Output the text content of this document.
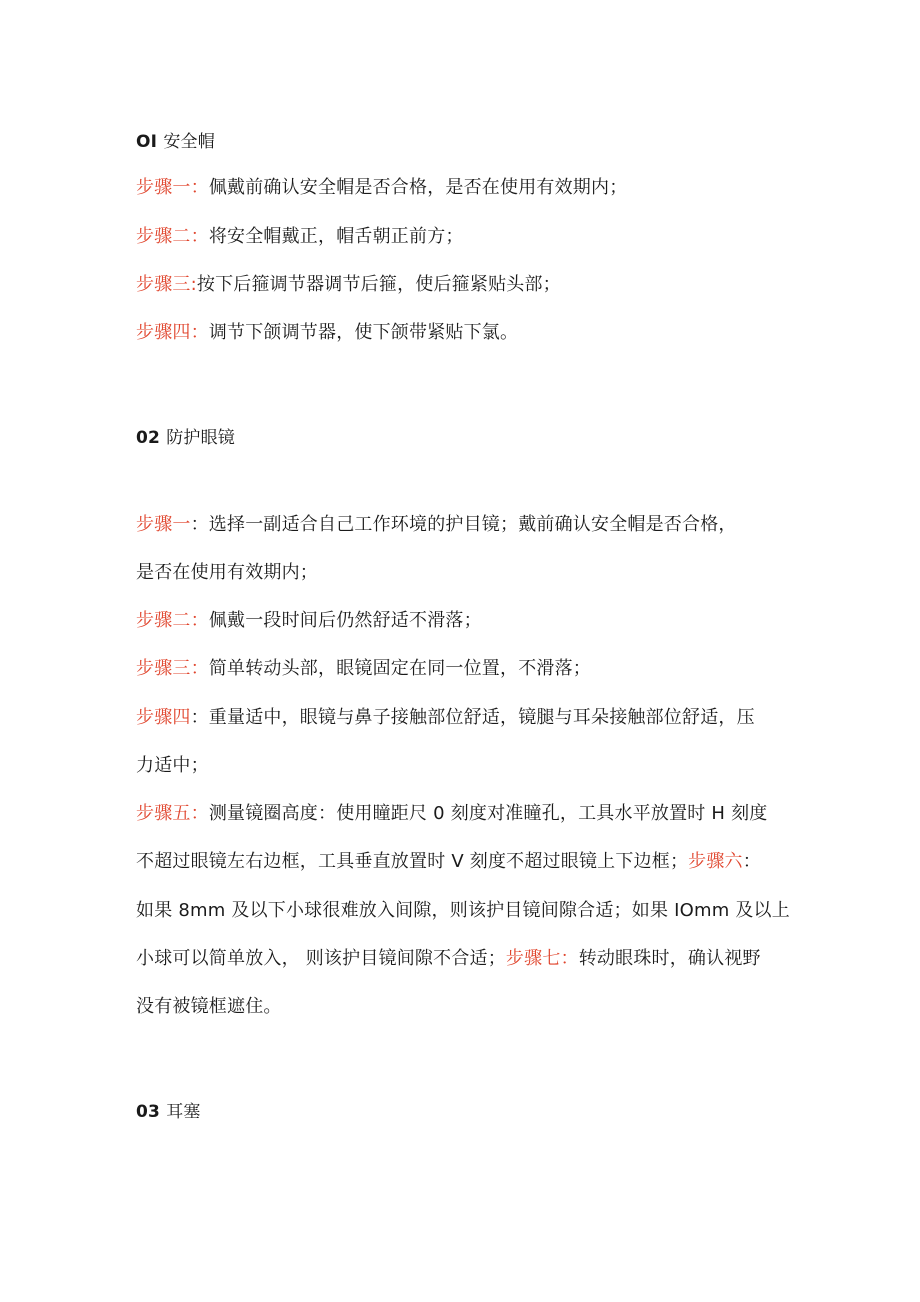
OI 安全帽
步骤一：佩戴前确认安全帽是否合格，是否在使用有效期内；
步骤二：将安全帽戴正，帽舌朝正前方；
步骤三:按下后箍调节器调节后箍，使后箍紧贴头部；
步骤四：调节下颌调节器，使下颌带紧贴下氯。
02 防护眼镜
步骤一：选择一副适合自己工作环境的护目镜；戴前确认安全帽是否合格，
是否在使用有效期内；
步骤二：佩戴一段时间后仍然舒适不滑落；
步骤三：简单转动头部，眼镜固定在同一位置，不滑落；
步骤四：重量适中，眼镜与鼻子接触部位舒适，镜腿与耳朵接触部位舒适，压
力适中；
步骤五：测量镜圈高度：使用瞳距尺 0 刻度对准瞳孔，工具水平放置时 H 刻度
不超过眼镜左右边框，工具垂直放置时 V 刻度不超过眼镜上下边框；步骤六：
如果 8mm 及以下小球很难放入间隙，则该护目镜间隙合适；如果 IOmm 及以上
小球可以简单放入， 则该护目镜间隙不合适；步骤七：转动眼珠时，确认视野
没有被镜框遮住。
03 耳塞
